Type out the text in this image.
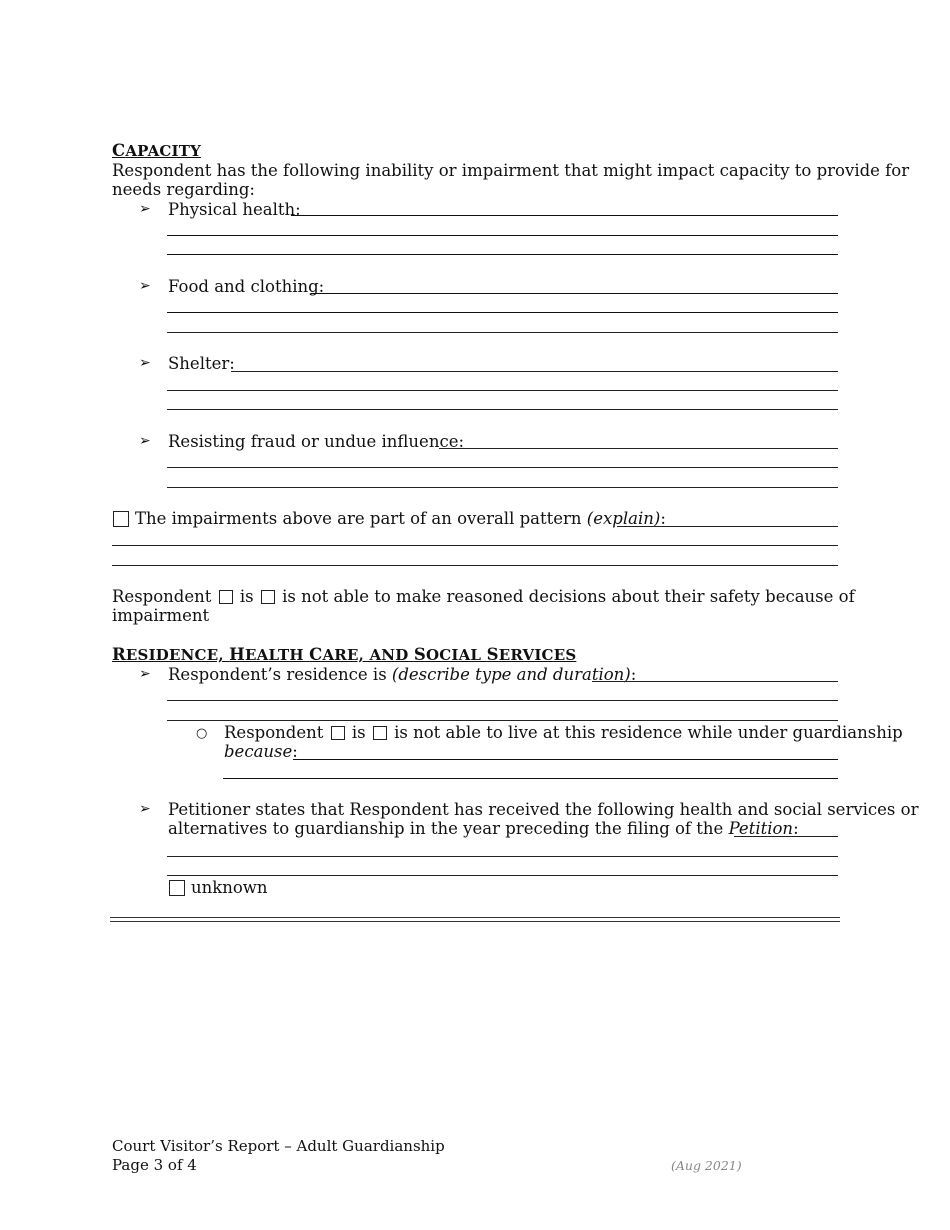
CAPACITY
Respondent has the following inability or impairment that might impact capacity to provide for
needs regarding:
➢ Physical health:
➢ Food and clothing:
➢ Shelter:
➢ Resisting fraud or undue influence:
The impairments above are part of an overall pattern (explain):
Respondent is is not able to make reasoned decisions about their safety because of
impairment
RESIDENCE, HEALTH CARE, AND SOCIAL SERVICES
➢ Respondent’s residence is (describe type and duration):
○ Respondent is is not able to live at this residence while under guardianship
because:
➢ Petitioner states that Respondent has received the following health and social services or
alternatives to guardianship in the year preceding the filing of the Petition:
unknown
Court Visitor’s Report – Adult Guardianship
Page 3 of 4	(Aug 2021)
